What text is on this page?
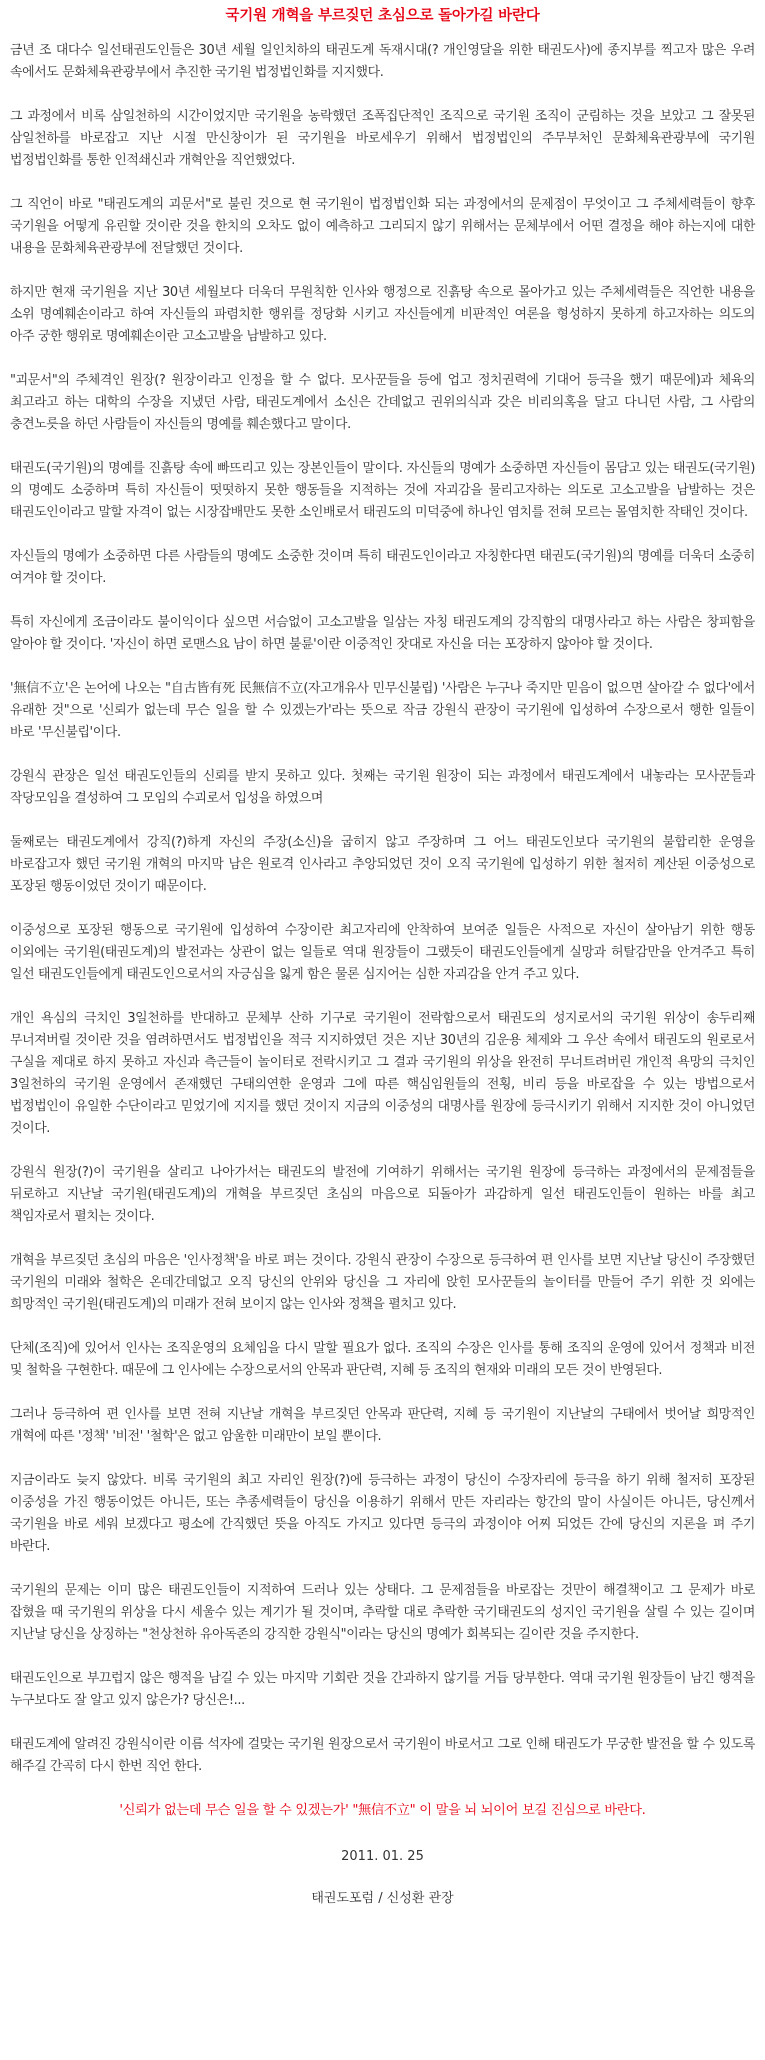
국기원 개혁을 부르짖던 초심으로 돌아가길 바란다

금년 조 대다수 일선태권도인들은 30년 세월 일인치하의 태권도계 독재시대(? 개인영달을 위한 태권도사)에 종지부를 찍고자 많은 우려 속에서도 문화체육관광부에서 추진한 국기원 법정법인화를 지지했다.

그 과정에서 비록 삼일천하의 시간이었지만 국기원을 농락했던 조폭집단적인 조직으로 국기원 조직이 군림하는 것을 보았고 그 잘못된 삼일천하를 바로잡고 지난 시절 만신창이가 된 국기원을 바로세우기 위해서 법정법인의 주무부처인 문화체육관광부에 국기원 법정법인화를 통한 인적쇄신과 개혁안을 직언했었다.

그 직언이 바로 "태권도계의 괴문서"로 불린 것으로 현 국기원이 법정법인화 되는 과정에서의 문제점이 무엇이고 그 주체세력들이 향후 국기원을 어떻게 유린할 것이란 것을 한치의 오차도 없이 예측하고 그리되지 않기 위해서는 문체부에서 어떤 결정을 해야 하는지에 대한 내용을 문화체육관광부에 전달했던 것이다.

하지만 현재 국기원을 지난 30년 세월보다 더욱더 무원칙한 인사와 행정으로 진흙탕 속으로 몰아가고 있는 주체세력들은 직언한 내용을 소위 명예훼손이라고 하여 자신들의 파렴치한 행위를 정당화 시키고 자신들에게 비판적인 여론을 형성하지 못하게 하고자하는 의도의 아주 궁한 행위로 명예훼손이란 고소고발을 남발하고 있다.

"괴문서"의 주체격인 원장(? 원장이라고 인정을 할 수 없다. 모사꾼들을 등에 업고 정치권력에 기대어 등극을 했기 때문에)과 체육의 최고라고 하는 대학의 수장을 지냈던 사람, 태권도계에서 소신은 간데없고 권위의식과 갖은 비리의혹을 달고 다니던 사람, 그 사람의 충견노릇을 하던 사람들이 자신들의 명예를 훼손했다고 말이다.

태권도(국기원)의 명예를 진흙탕 속에 빠뜨리고 있는 장본인들이 말이다. 자신들의 명예가 소중하면 자신들이 몸담고 있는 태권도(국기원)의 명예도 소중하며 특히 자신들이 떳떳하지 못한 행동들을 지적하는 것에 자괴감을 물리고자하는 의도로 고소고발을 남발하는 것은 태권도인이라고 말할 자격이 없는 시장잡배만도 못한 소인배로서 태권도의 미덕중에 하나인 염치를 전혀 모르는 몰염치한 작태인 것이다.

자신들의 명예가 소중하면 다른 사람들의 명예도 소중한 것이며 특히 태권도인이라고 자칭한다면 태권도(국기원)의 명예를 더욱더 소중히 여겨야 할 것이다.

특히 자신에게 조금이라도 불이익이다 싶으면 서슴없이 고소고발을 일삼는 자칭 태권도계의 강직함의 대명사라고 하는 사람은 창피함을 알아야 할 것이다. '자신이 하면 로맨스요 남이 하면 불륜'이란 이중적인 잣대로 자신을 더는 포장하지 않아야 할 것이다.

'無信不立'은 논어에 나오는 "自古皆有死 民無信不立(자고개유사 민무신불립) '사람은 누구나 죽지만 믿음이 없으면 살아갈 수 없다'에서 유래한 것"으로 '신뢰가 없는데 무슨 일을 할 수 있겠는가'라는 뜻으로 작금 강원식 관장이 국기원에 입성하여 수장으로서 행한 일들이 바로 '무신불립'이다.

강원식 관장은 일선 태권도인들의 신뢰를 받지 못하고 있다. 첫째는 국기원 원장이 되는 과정에서 태권도계에서 내놓라는 모사꾼들과 작당모임을 결성하여 그 모임의 수괴로서 입성을 하였으며

둘째로는 태권도계에서 강직(?)하게 자신의 주장(소신)을 굽히지 않고 주장하며 그 어느 태권도인보다 국기원의 불합리한 운영을 바로잡고자 했던 국기원 개혁의 마지막 남은 원로격 인사라고 추앙되었던 것이 오직 국기원에 입성하기 위한 철저히 계산된 이중성으로 포장된 행동이었던 것이기 때문이다.

이중성으로 포장된 행동으로 국기원에 입성하여 수장이란 최고자리에 안착하여 보여준 일들은 사적으로 자신이 살아남기 위한 행동 이외에는 국기원(태권도계)의 발전과는 상관이 없는 일들로 역대 원장들이 그랬듯이 태권도인들에게 실망과 허탈감만을 안겨주고 특히 일선 태권도인들에게 태권도인으로서의 자긍심을 잃게 함은 물론 심지어는 심한 자괴감을 안겨 주고 있다.

개인 욕심의 극치인 3일천하를 반대하고 문체부 산하 기구로 국기원이 전락함으로서 태권도의 성지로서의 국기원 위상이 송두리째 무너져버릴 것이란 것을 염려하면서도 법정법인을 적극 지지하였던 것은 지난 30년의 김운용 체제와 그 우산 속에서 태권도의 원로로서 구실을 제대로 하지 못하고 자신과 측근들이 놀이터로 전락시키고 그 결과 국기원의 위상을 완전히 무너트려버린 개인적 욕망의 극치인 3일천하의 국기원 운영에서 존재했던 구태의연한 운영과 그에 따른 핵심임원들의 전횡, 비리 등을 바로잡을 수 있는 방법으로서 법정법인이 유일한 수단이라고 믿었기에 지지를 했던 것이지 지금의 이중성의 대명사를 원장에 등극시키기 위해서 지지한 것이 아니었던 것이다.

강원식 원장(?)이 국기원을 살리고 나아가서는 태권도의 발전에 기여하기 위해서는 국기원 원장에 등극하는 과정에서의 문제점들을 뒤로하고 지난날 국기원(태권도계)의 개혁을 부르짖던 초심의 마음으로 되돌아가 과감하게 일선 태권도인들이 원하는 바를 최고 책임자로서 펼치는 것이다.

개혁을 부르짖던 초심의 마음은 '인사정책'을 바로 펴는 것이다. 강원식 관장이 수장으로 등극하여 편 인사를 보면 지난날 당신이 주장했던 국기원의 미래와 철학은 온데간데없고 오직 당신의 안위와 당신을 그 자리에 앉힌 모사꾼들의 놀이터를 만들어 주기 위한 것 외에는 희망적인 국기원(태권도계)의 미래가 전혀 보이지 않는 인사와 정책을 펼치고 있다.

단체(조직)에 있어서 인사는 조직운영의 요체임을 다시 말할 필요가 없다. 조직의 수장은 인사를 통해 조직의 운영에 있어서 정책과 비전 및 철학을 구현한다. 때문에 그 인사에는 수장으로서의 안목과 판단력, 지혜 등 조직의 현재와 미래의 모든 것이 반영된다.

그러나 등극하여 편 인사를 보면 전혀 지난날 개혁을 부르짖던 안목과 판단력, 지혜 등 국기원이 지난날의 구태에서 벗어날 희망적인 개혁에 따른 '정책' '비전' '철학'은 없고 암울한 미래만이 보일 뿐이다.

지금이라도 늦지 않았다. 비록 국기원의 최고 자리인 원장(?)에 등극하는 과정이 당신이 수장자리에 등극을 하기 위해 철저히 포장된 이중성을 가진 행동이었든 아니든, 또는 추종세력들이 당신을 이용하기 위해서 만든 자리라는 항간의 말이 사실이든 아니든, 당신께서 국기원을 바로 세워 보겠다고 평소에 간직했던 뜻을 아직도 가지고 있다면 등극의 과정이야 어찌 되었든 간에 당신의 지론을 펴 주기 바란다.

국기원의 문제는 이미 많은 태권도인들이 지적하여 드러나 있는 상태다. 그 문제점들을 바로잡는 것만이 해결책이고 그 문제가 바로 잡혔을 때 국기원의 위상을 다시 세울수 있는 계기가 될 것이며, 추락할 대로 추락한 국기태권도의 성지인 국기원을 살릴 수 있는 길이며 지난날 당신을 상징하는 "천상천하 유아독존의 강직한 강원식"이라는 당신의 명예가 회복되는 길이란 것을 주지한다.

태권도인으로 부끄럽지 않은 행적을 남길 수 있는 마지막 기회란 것을 간과하지 않기를 거듭 당부한다. 역대 국기원 원장들이 남긴 행적을 누구보다도 잘 알고 있지 않은가? 당신은!...

태권도계에 알려진 강원식이란 이름 석자에 걸맞는 국기원 원장으로서 국기원이 바로서고 그로 인해 태권도가 무궁한 발전을 할 수 있도록 해주길 간곡히 다시 한번 직언 한다.

'신뢰가 없는데 무슨 일을 할 수 있겠는가' "無信不立" 이 말을 뇌 뇌이어 보길 진심으로 바란다.

2011. 01. 25

태권도포럼 / 신성환 관장
